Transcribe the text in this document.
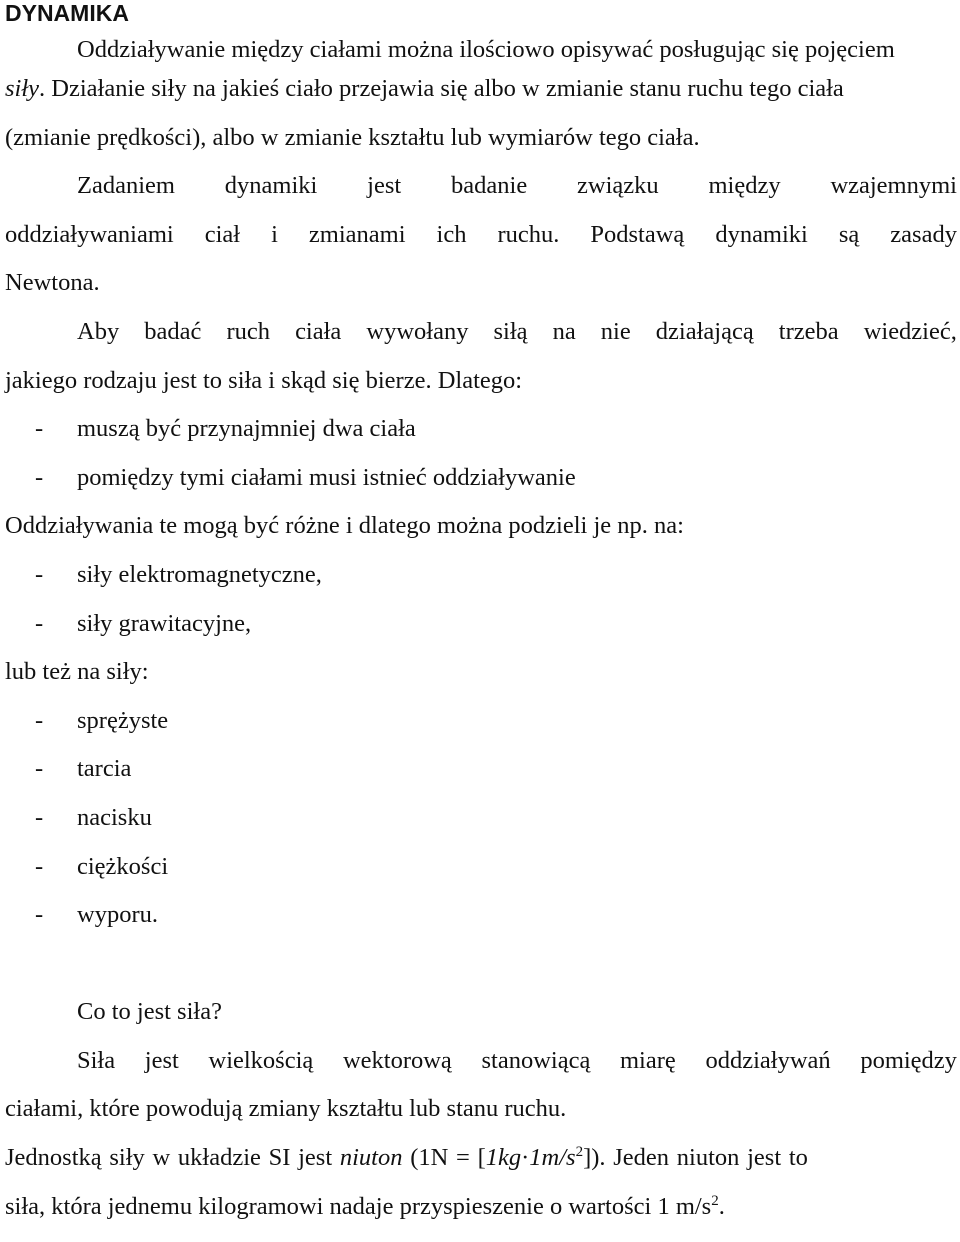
DYNAMIKA
Oddziaływanie między ciałami można ilościowo opisywać posługując się pojęciem
siły. Działanie siły na jakieś ciało przejawia się albo w zmianie stanu ruchu tego ciała
(zmianie prędkości), albo w zmianie kształtu lub wymiarów tego ciała.
Zadaniem dynamiki jest badanie związku między wzajemnymi
oddziaływaniami ciał i zmianami ich ruchu. Podstawą dynamiki są zasady
Newtona.
Aby badać ruch ciała wywołany siłą na nie działającą trzeba wiedzieć,
jakiego rodzaju jest to siła i skąd się bierze. Dlatego:
- muszą być przynajmniej dwa ciała
- pomiędzy tymi ciałami musi istnieć oddziaływanie
Oddziaływania te mogą być różne i dlatego można podzieli je np. na:
- siły elektromagnetyczne,
- siły grawitacyjne,
lub też na siły:
- sprężyste
- tarcia
- nacisku
- ciężkości
- wyporu.
Co to jest siła?
Siła jest wielkością wektorową stanowiącą miarę oddziaływań pomiędzy
ciałami, które powodują zmiany kształtu lub stanu ruchu.
Jednostką siły w układzie SI jest niuton $(1N = [1kg\cdot 1m/s^2])$. Jeden niuton jest to
siła, która jednemu kilogramowi nadaje przyspieszenie o wartości 1 $m/s^2$.
